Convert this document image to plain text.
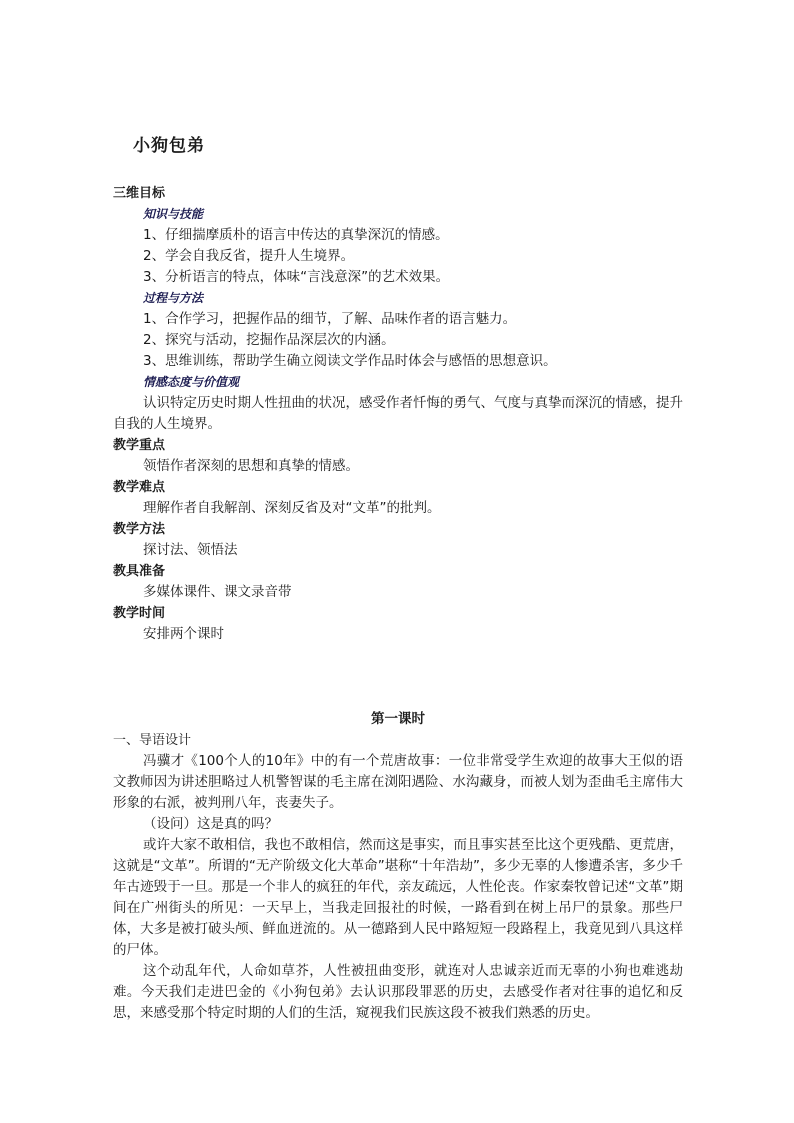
小狗包弟

三维目标

知识与技能

1、仔细揣摩质朴的语言中传达的真挚深沉的情感。

2、学会自我反省，提升人生境界。

3、分析语言的特点，体味“言浅意深”的艺术效果。

过程与方法

1、合作学习，把握作品的细节，了解、品味作者的语言魅力。

2、探究与活动，挖掘作品深层次的内涵。

3、思维训练，帮助学生确立阅读文学作品时体会与感悟的思想意识。

情感态度与价值观

认识特定历史时期人性扭曲的状况，感受作者忏悔的勇气、气度与真挚而深沉的情感，提升自我的人生境界。

教学重点

领悟作者深刻的思想和真挚的情感。

教学难点

理解作者自我解剖、深刻反省及对“文革”的批判。

教学方法

探讨法、领悟法

教具准备

多媒体课件、课文录音带

教学时间

安排两个课时

第一课时

一、导语设计

冯骥才《100个人的10年》中的有一个荒唐故事：一位非常受学生欢迎的故事大王似的语文教师因为讲述胆略过人机警智谋的毛主席在浏阳遇险、水沟藏身，而被人划为歪曲毛主席伟大形象的右派，被判刑八年，丧妻失子。

（设问）这是真的吗？

或许大家不敢相信，我也不敢相信，然而这是事实，而且事实甚至比这个更残酷、更荒唐，这就是“文革”。所谓的“无产阶级文化大革命”堪称“十年浩劫”，多少无辜的人惨遭杀害，多少千年古迹毁于一旦。那是一个非人的疯狂的年代，亲友疏远，人性伦丧。作家秦牧曾记述“文革”期间在广州街头的所见：一天早上，当我走回报社的时候，一路看到在树上吊尸的景象。那些尸体，大多是被打破头颅、鲜血迸流的。从一德路到人民中路短短一段路程上，我竟见到八具这样的尸体。

这个动乱年代，人命如草芥，人性被扭曲变形，就连对人忠诚亲近而无辜的小狗也难逃劫难。今天我们走进巴金的《小狗包弟》去认识那段罪恶的历史，去感受作者对往事的追忆和反思，来感受那个特定时期的人们的生活，窥视我们民族这段不被我们熟悉的历史。
